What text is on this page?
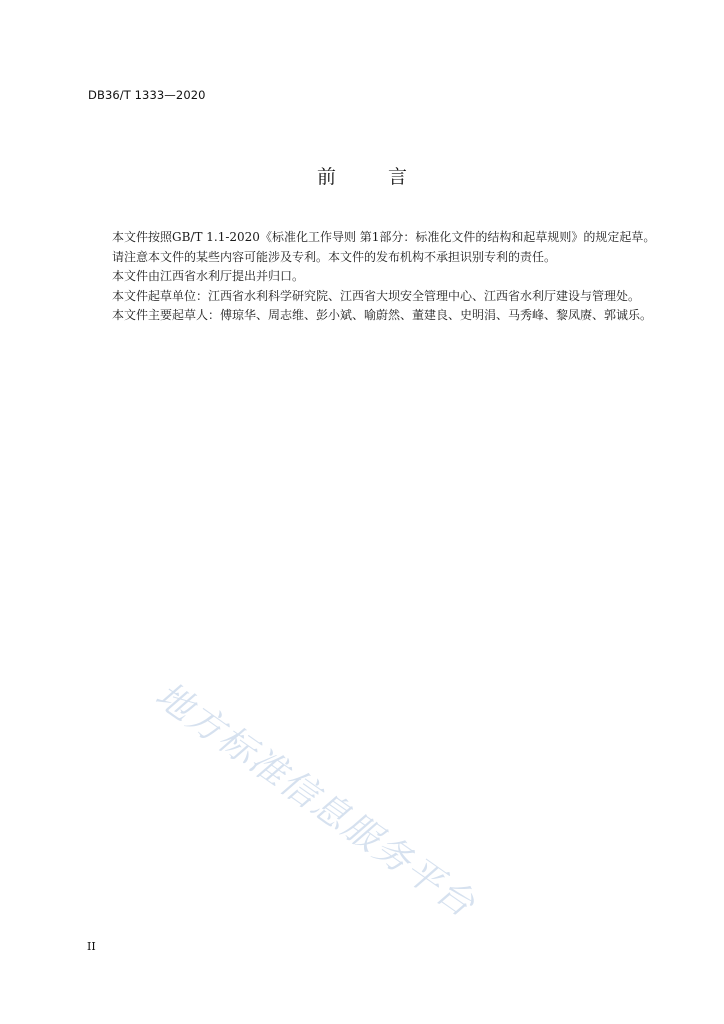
DB36/T 1333—2020
前	言

本文件按照GB/T 1.1-2020《标准化工作导则 第1部分：标准化文件的结构和起草规则》的规定起草。

请注意本文件的某些内容可能涉及专利。本文件的发布机构不承担识别专利的责任。

本文件由江西省水利厅提出并归口。

本文件起草单位：江西省水利科学研究院、江西省大坝安全管理中心、江西省水利厅建设与管理处。

本文件主要起草人：傅琼华、周志维、彭小斌、喻蔚然、董建良、史明涓、马秀峰、黎凤赓、郭诚乐。

地方标准信息服务平台
II
